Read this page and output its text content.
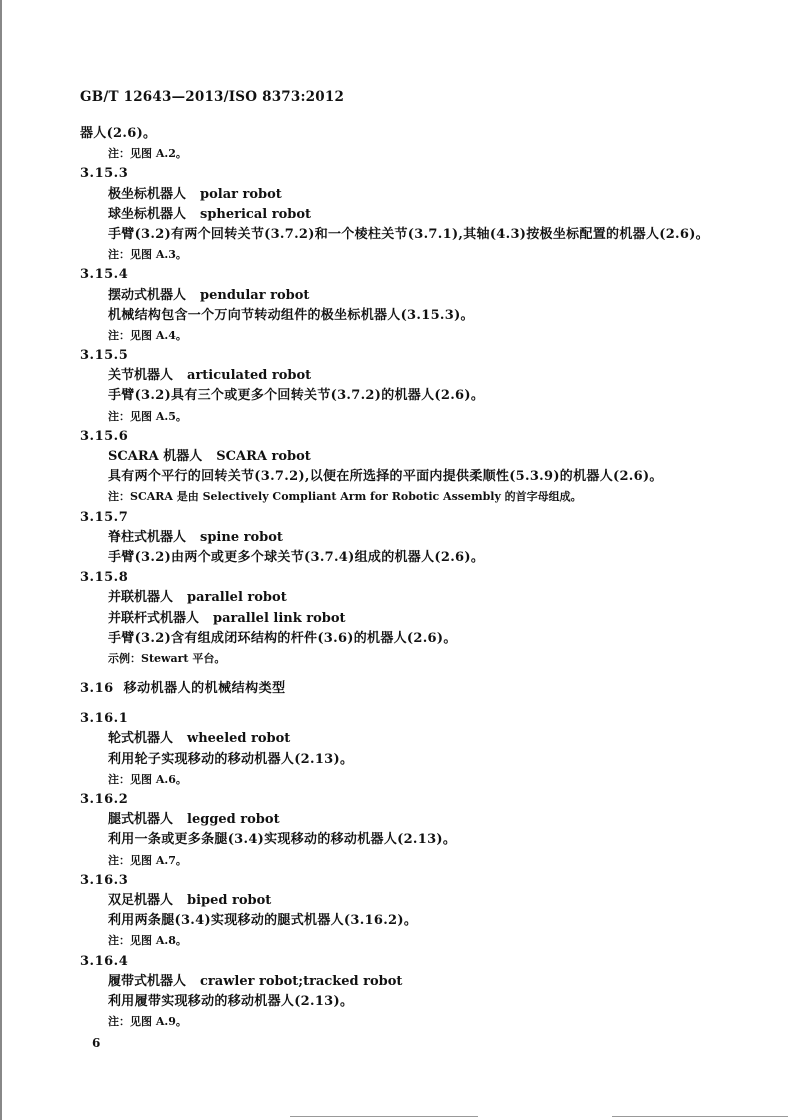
GB/T 12643—2013/ISO 8373:2012
器人(2.6)。
注：见图 A.2。
3.15.3
极坐标机器人 polar robot
球坐标机器人 spherical robot
手臂(3.2)有两个回转关节(3.7.2)和一个棱柱关节(3.7.1),其轴(4.3)按极坐标配置的机器人(2.6)。
注：见图 A.3。
3.15.4
摆动式机器人 pendular robot
机械结构包含一个万向节转动组件的极坐标机器人(3.15.3)。
注：见图 A.4。
3.15.5
关节机器人 articulated robot
手臂(3.2)具有三个或更多个回转关节(3.7.2)的机器人(2.6)。
注：见图 A.5。
3.15.6
SCARA 机器人 SCARA robot
具有两个平行的回转关节(3.7.2),以便在所选择的平面内提供柔顺性(5.3.9)的机器人(2.6)。
注：SCARA 是由 Selectively Compliant Arm for Robotic Assembly 的首字母组成。
3.15.7
脊柱式机器人 spine robot
手臂(3.2)由两个或更多个球关节(3.7.4)组成的机器人(2.6)。
3.15.8
并联机器人 parallel robot
并联杆式机器人 parallel link robot
手臂(3.2)含有组成闭环结构的杆件(3.6)的机器人(2.6)。
示例：Stewart 平台。
3.16 移动机器人的机械结构类型
3.16.1
轮式机器人 wheeled robot
利用轮子实现移动的移动机器人(2.13)。
注：见图 A.6。
3.16.2
腿式机器人 legged robot
利用一条或更多条腿(3.4)实现移动的移动机器人(2.13)。
注：见图 A.7。
3.16.3
双足机器人 biped robot
利用两条腿(3.4)实现移动的腿式机器人(3.16.2)。
注：见图 A.8。
3.16.4
履带式机器人 crawler robot;tracked robot
利用履带实现移动的移动机器人(2.13)。
注：见图 A.9。
6
